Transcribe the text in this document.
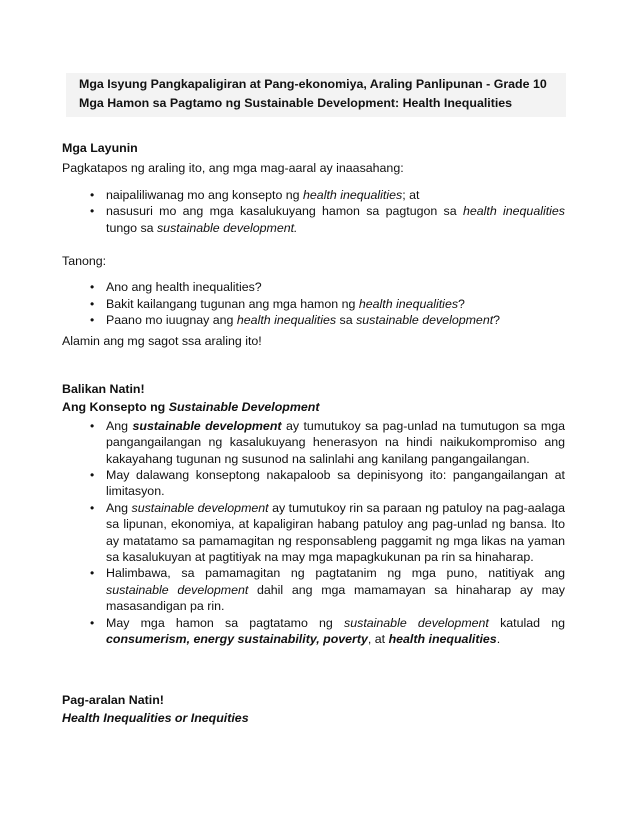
Mga Isyung Pangkapaligiran at Pang-ekonomiya, Araling Panlipunan - Grade 10
Mga Hamon sa Pagtamo ng Sustainable Development: Health Inequalities
Mga Layunin
Pagkatapos ng araling ito, ang mga mag-aaral ay inaasahang:
• naipaliliwanag mo ang konsepto ng health inequalities; at
• nasusuri mo ang mga kasalukuyang hamon sa pagtugon sa health inequalities tungo sa sustainable development.
Tanong:
• Ano ang health inequalities?
• Bakit kailangang tugunan ang mga hamon ng health inequalities?
• Paano mo iuugnay ang health inequalities sa sustainable development?
Alamin ang mg sagot ssa araling ito!
Balikan Natin!
Ang Konsepto ng Sustainable Development
• Ang sustainable development ay tumutukoy sa pag-unlad na tumutugon sa mga pangangailangan ng kasalukuyang henerasyon na hindi naikukompromiso ang kakayahang tugunan ng susunod na salinlahi ang kanilang pangangailangan.
• May dalawang konseptong nakapaloob sa depinisyong ito: pangangailangan at limitasyon.
• Ang sustainable development ay tumutukoy rin sa paraan ng patuloy na pag-aalaga sa lipunan, ekonomiya, at kapaligiran habang patuloy ang pag-unlad ng bansa. Ito ay matatamo sa pamamagitan ng responsableng paggamit ng mga likas na yaman sa kasalukuyan at pagtitiyak na may mga mapagkukunan pa rin sa hinaharap.
• Halimbawa, sa pamamagitan ng pagtatanim ng mga puno, natitiyak ang sustainable development dahil ang mga mamamayan sa hinaharap ay may masasandigan pa rin.
• May mga hamon sa pagtatamo ng sustainable development katulad ng consumerism, energy sustainability, poverty, at health inequalities.
Pag-aralan Natin!
Health Inequalities or Inequities
